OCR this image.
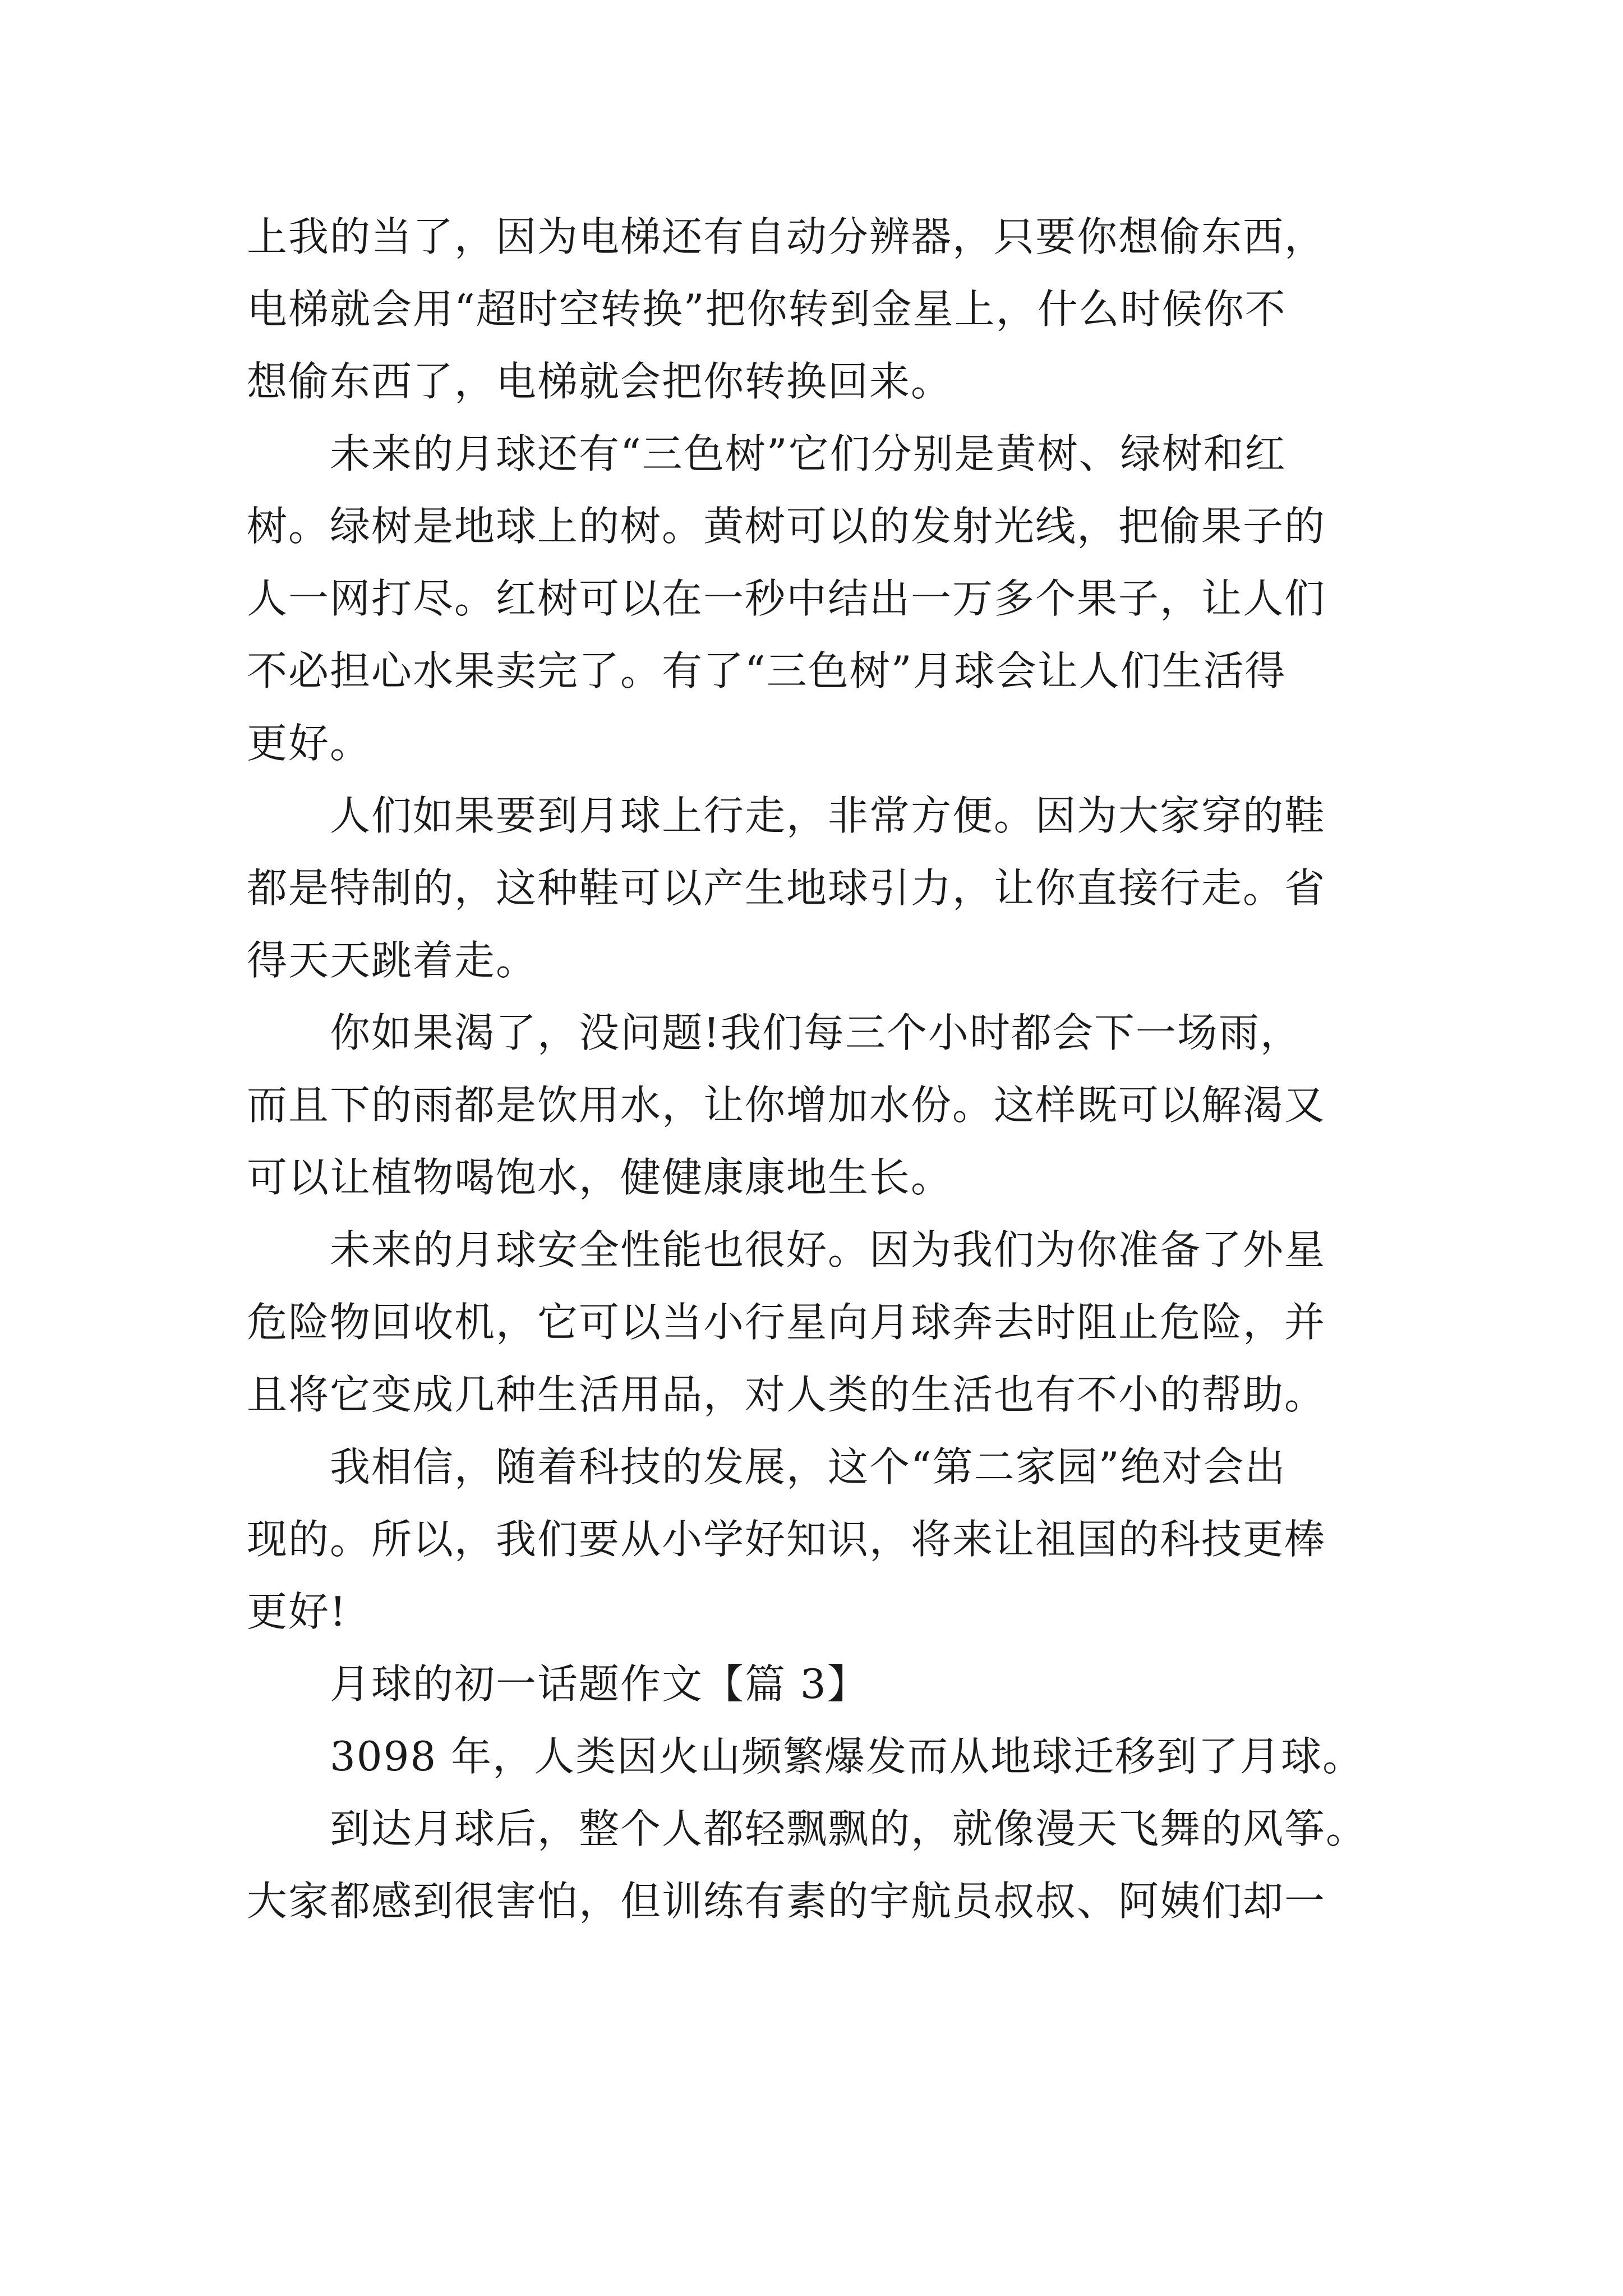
上我的当了，因为电梯还有自动分辨器，只要你想偷东西，
电梯就会用“超时空转换”把你转到金星上，什么时候你不
想偷东西了，电梯就会把你转换回来。
　　未来的月球还有“三色树”它们分别是黄树、绿树和红
树。绿树是地球上的树。黄树可以的发射光线，把偷果子的
人一网打尽。红树可以在一秒中结出一万多个果子，让人们
不必担心水果卖完了。有了“三色树”月球会让人们生活得
更好。
　　人们如果要到月球上行走，非常方便。因为大家穿的鞋
都是特制的，这种鞋可以产生地球引力，让你直接行走。省
得天天跳着走。
　　你如果渴了，没问题!我们每三个小时都会下一场雨，
而且下的雨都是饮用水，让你增加水份。这样既可以解渴又
可以让植物喝饱水，健健康康地生长。
　　未来的月球安全性能也很好。因为我们为你准备了外星
危险物回收机，它可以当小行星向月球奔去时阻止危险，并
且将它变成几种生活用品，对人类的生活也有不小的帮助。
　　我相信，随着科技的发展，这个“第二家园”绝对会出
现的。所以，我们要从小学好知识，将来让祖国的科技更棒
更好!
　　月球的初一话题作文【篇 3】
　　3098 年，人类因火山频繁爆发而从地球迁移到了月球。
　　到达月球后，整个人都轻飘飘的，就像漫天飞舞的风筝。
大家都感到很害怕，但训练有素的宇航员叔叔、阿姨们却一
